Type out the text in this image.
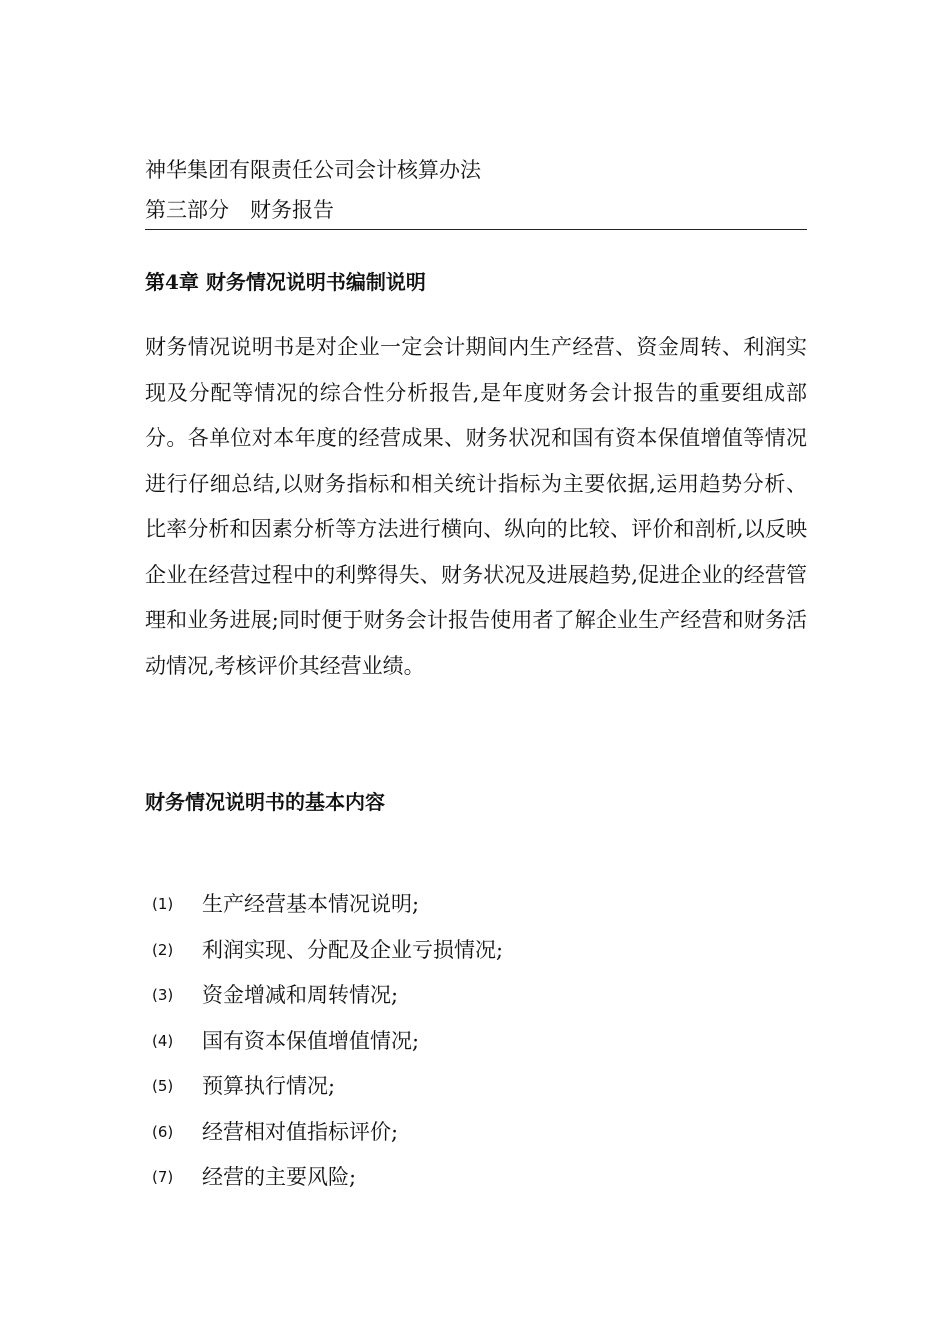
神华集团有限责任公司会计核算办法
第三部分　财务报告
第4章 财务情况说明书编制说明
财务情况说明书是对企业一定会计期间内生产经营、资金周转、利润实现及分配等情况的综合性分析报告,是年度财务会计报告的重要组成部分。各单位对本年度的经营成果、财务状况和国有资本保值增值等情况进行仔细总结,以财务指标和相关统计指标为主要依据,运用趋势分析、比率分析和因素分析等方法进行横向、纵向的比较、评价和剖析,以反映企业在经营过程中的利弊得失、财务状况及进展趋势,促进企业的经营管理和业务进展;同时便于财务会计报告使用者了解企业生产经营和财务活动情况,考核评价其经营业绩。
财务情况说明书的基本内容
(1) 生产经营基本情况说明;
(2) 利润实现、分配及企业亏损情况;
(3) 资金增减和周转情况;
(4) 国有资本保值增值情况;
(5) 预算执行情况;
(6) 经营相对值指标评价;
(7) 经营的主要风险;
